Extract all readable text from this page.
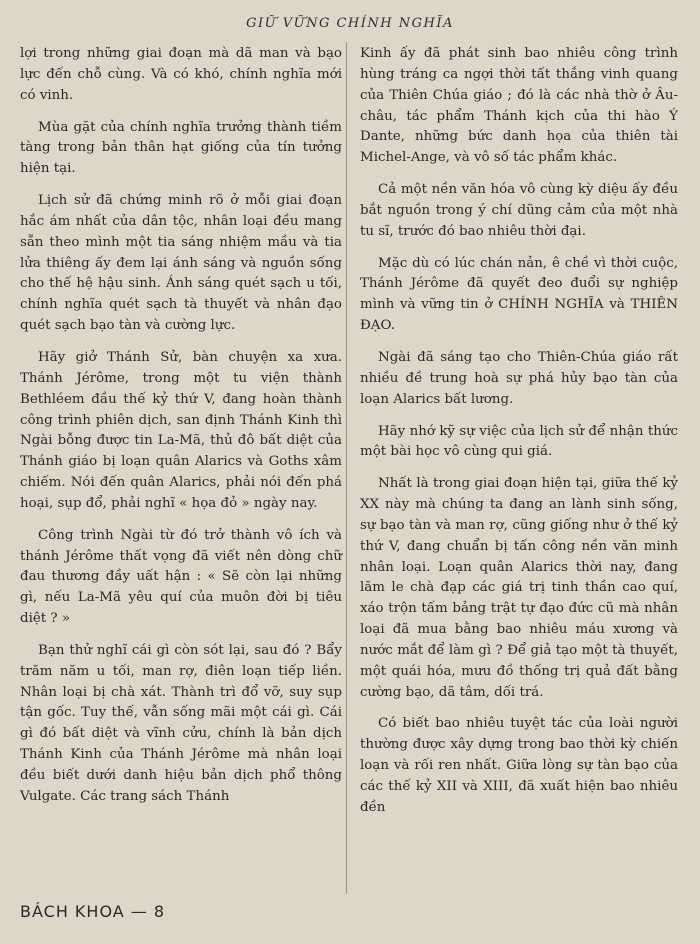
GIỮ VỮNG CHÍNH NGHĨA

lợi trong những giai đoạn mà dã man và bạo lực đến chỗ cùng. Và có khó, chính nghĩa mới có vinh.

Mùa gặt của chính nghĩa trưởng thành tiềm tàng trong bản thân hạt giống của tín tưởng hiện tại.

Lịch sử đã chứng minh rõ ở mỗi giai đoạn hắc ám nhất của dân tộc, nhân loại đều mang sẵn theo mình một tia sáng nhiệm mầu và tia lửa thiêng ấy đem lại ánh sáng và nguồn sống cho thế hệ hậu sinh. Ánh sáng quét sạch u tối, chính nghĩa quét sạch tà thuyết và nhân đạo quét sạch bạo tàn và cường lực.

Hãy giở Thánh Sử, bàn chuyện xa xưa. Thánh Jérôme, trong một tu viện thành Bethléem đầu thế kỷ thứ V, đang hoàn thành công trình phiên dịch, san định Thánh Kinh thì Ngài bỗng được tin La-Mã, thủ đô bất diệt của Thánh giáo bị loạn quân Alarics và Goths xâm chiếm. Nói đến quân Alarics, phải nói đến phá hoại, sụp đổ, phải nghĩ « họa đỏ » ngày nay.

Công trình Ngài từ đó trở thành vô ích và thánh Jérôme thất vọng đã viết nên dòng chữ đau thương đầy uất hận : « Sẽ còn lại những gì, nếu La-Mã yêu quí của muôn đời bị tiêu diệt ? »

Bạn thử nghĩ cái gì còn sót lại, sau đó ? Bẩy trăm năm u tối, man rợ, điên loạn tiếp liền. Nhân loại bị chà xát. Thành trì đổ vỡ, suy sụp tận gốc. Tuy thế, vẫn sống mãi một cái gì. Cái gì đó bất diệt và vĩnh cửu, chính là bản dịch Thánh Kinh của Thánh Jérôme mà nhân loại đều biết dưới danh hiệu bản dịch phổ thông Vulgate. Các trang sách Thánh

Kinh ấy đã phát sinh bao nhiêu công trình hùng tráng ca ngợi thời tất thắng vinh quang của Thiên Chúa giáo ; đó là các nhà thờ ở Âu-châu, tác phẩm Thánh kịch của thi hào Ý Dante, những bức danh họa của thiên tài Michel-Ange, và vô số tác phẩm khác.

Cả một nền văn hóa vô cùng kỳ diệu ấy đều bắt nguồn trong ý chí dũng cảm của một nhà tu sĩ, trước đó bao nhiêu thời đại.

Mặc dù có lúc chán nản, ê chề vì thời cuộc, Thánh Jérôme đã quyết đeo đuổi sự nghiệp mình và vững tin ở CHÍNH NGHĨA và THIÊN ĐẠO.

Ngài đã sáng tạo cho Thiên-Chúa giáo rất nhiều đề trung hoà sự phá hủy bạo tàn của loạn Alarics bất lương.

Hãy nhớ kỹ sự việc của lịch sử để nhận thức một bài học vô cùng qui giá.

Nhất là trong giai đoạn hiện tại, giữa thế kỷ XX này mà chúng ta đang an lành sinh sống, sự bạo tàn và man rợ, cũng giống như ở thế kỷ thứ V, đang chuẩn bị tấn công nền văn minh nhân loại. Loạn quân Alarics thời nay, đang lăm le chà đạp các giá trị tinh thần cao quí, xáo trộn tấm bảng trật tự đạo đức cũ mà nhân loại đã mua bằng bao nhiêu máu xương và nước mắt để làm gì ? Để giả tạo một tà thuyết, một quái hóa, mưu đồ thống trị quả đất bằng cường bạo, dã tâm, dối trá.

Có biết bao nhiêu tuyệt tác của loài người thường được xây dựng trong bao thời kỳ chiến loạn và rối ren nhất. Giữa lòng sự tàn bạo của các thế kỷ XII và XIII, đã xuất hiện bao nhiêu đền

BÁCH KHOA — 8
